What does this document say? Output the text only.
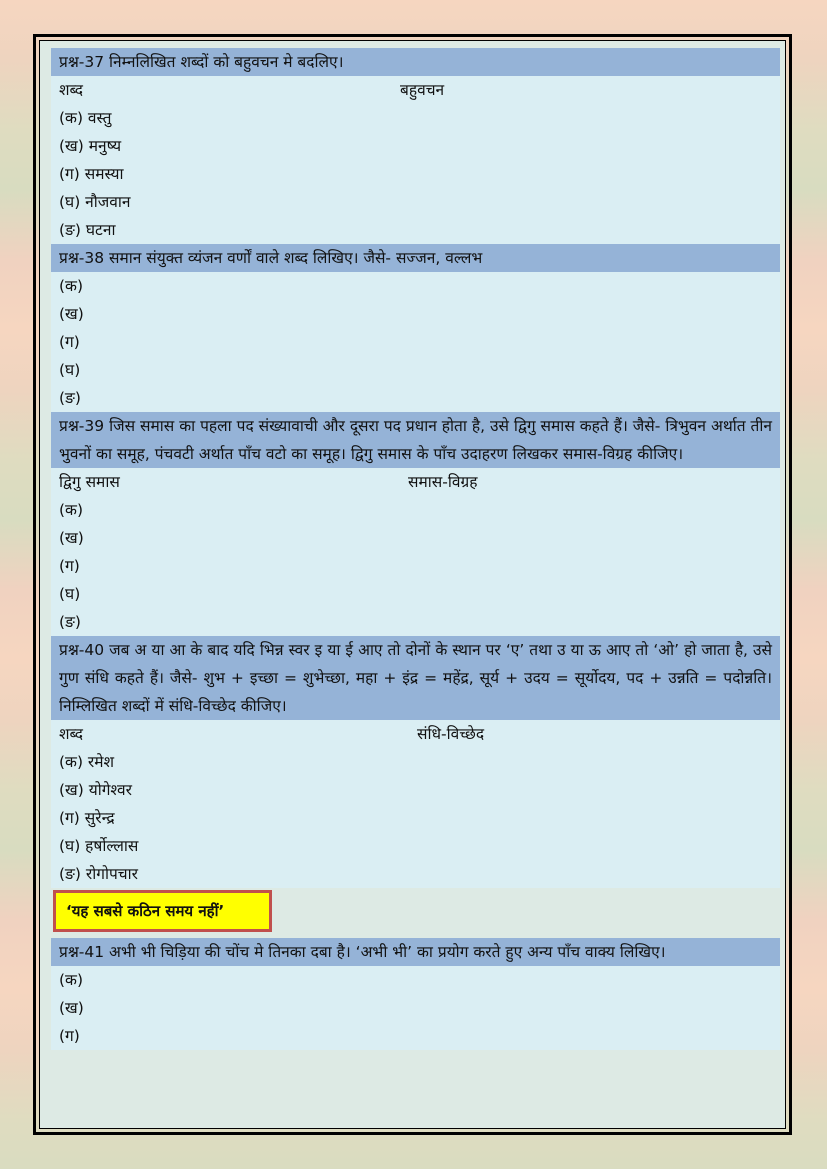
प्रश्न-37 निम्नलिखित शब्दों को बहुवचन मे बदलिए।
शब्द	बहुवचन
(क) वस्तु
(ख) मनुष्य
(ग) समस्या
(घ) नौजवान
(ङ) घटना
प्रश्न-38 समान संयुक्त व्यंजन वर्णों वाले शब्द लिखिए। जैसे- सज्जन, वल्लभ
(क)
(ख)
(ग)
(घ)
(ङ)
प्रश्न-39 जिस समास का पहला पद संख्यावाची और दूसरा पद प्रधान होता है, उसे द्विगु समास कहते हैं। जैसे- त्रिभुवन अर्थात तीन भुवनों का समूह, पंचवटी अर्थात पाँच वटो का समूह। द्विगु समास के पाँच उदाहरण लिखकर समास-विग्रह कीजिए।
द्विगु समास	समास-विग्रह
(क)
(ख)
(ग)
(घ)
(ङ)
प्रश्न-40 जब अ या आ के बाद यदि भिन्न स्वर इ या ई आए तो दोनों के स्थान पर ‘ए’ तथा उ या ऊ आए तो ‘ओ’ हो जाता है, उसे गुण संधि कहते हैं। जैसे- शुभ + इच्छा = शुभेच्छा, महा + इंद्र = महेंद्र, सूर्य + उदय = सूर्योदय, पद + उन्नति = पदोन्नति। निम्लिखित शब्दों में संधि-विच्छेद कीजिए।
शब्द	संधि-विच्छेद
(क) रमेश
(ख) योगेश्वर
(ग) सुरेन्द्र
(घ) हर्षोल्लास
(ङ) रोगोपचार
‘यह सबसे कठिन समय नहीं’
प्रश्न-41 अभी भी चिड़िया की चोंच मे तिनका दबा है। ‘अभी भी’ का प्रयोग करते हुए अन्य पाँच वाक्य लिखिए।
(क)
(ख)
(ग)
